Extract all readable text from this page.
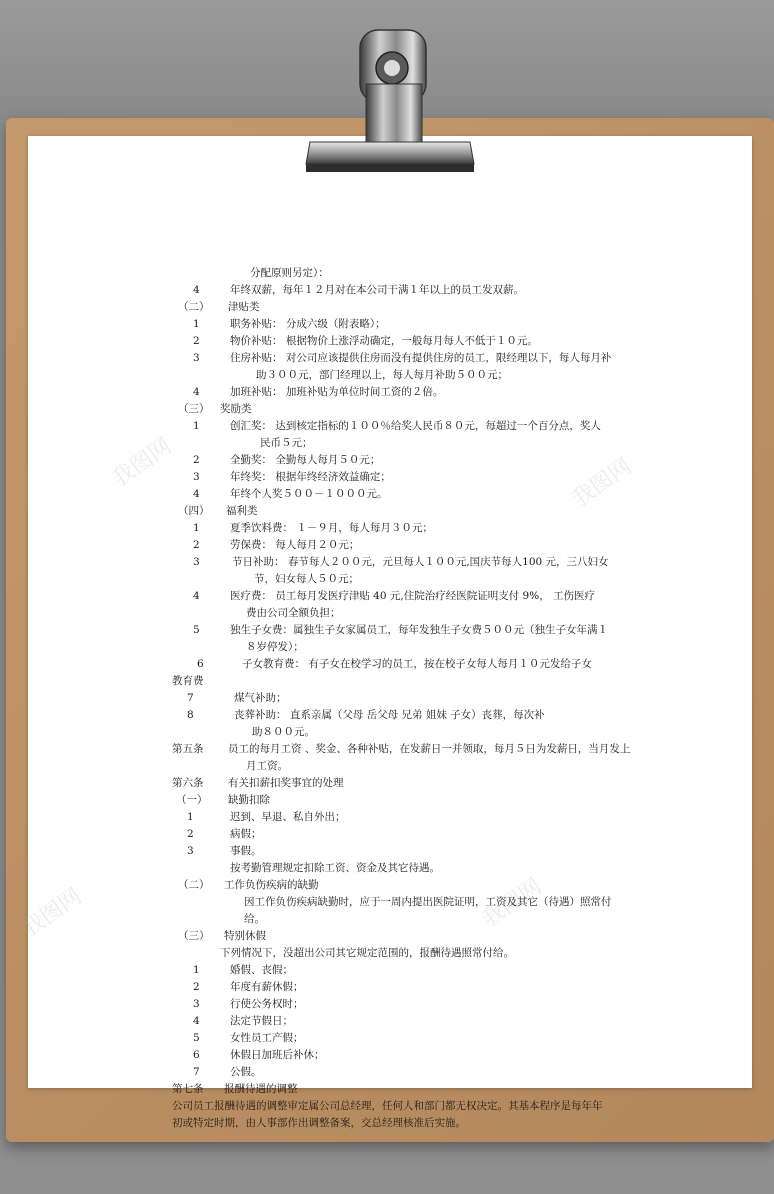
我图网	我图网
我图网	我图网
分配原则另定）：
4	年终双薪，每年１２月对在本公司干满１年以上的员工发双薪。
（二） 津贴类
1	职务补贴： 分成六级（附表略）；
2	物价补贴： 根据物价上涨浮动确定，一般每月每人不低于１０元。
3	住房补贴： 对公司应该提供住房而没有提供住房的员工，限经理以下，每人每月补
助３００元，部门经理以上，每人每月补助５００元；
4	加班补贴： 加班补贴为单位时间工资的２倍。
（三） 奖励类
1	创汇奖： 达到核定指标的１００％给奖人民币８０元，每超过一个百分点，奖人
民币５元；
2	全勤奖： 全勤每人每月５０元；
3	年终奖： 根据年终经济效益确定；
4	年终个人奖５００－１０００元。
（四） 福利类
1	夏季饮料费： １－９月，每人每月３０元；
2	劳保费： 每人每月２０元；
3	节日补助： 春节每人２００元，元旦每人１００元,国庆节每人100 元，三八妇女
节，妇女每人５０元；
4	医疗费： 员工每月发医疗津贴 40 元,住院治疗经医院证明支付 9%， 工伤医疗
费由公司全额负担；
5	独生子女费：属独生子女家属员工，每年发独生子女费５００元（独生子女年满１
８岁停发）；
6	子女教育费： 有子女在校学习的员工，按在校子女每人每月１０元发给子女
教育费
7	煤气补助；
8	丧葬补助： 直系亲属（父母 岳父母 兄弟 姐妹 子女）丧葬，每次补
助８００元。
第五条 员工的每月工资 、奖金、各种补贴，在发薪日一并领取，每月５日为发薪日，当月发上
月工资。
第六条 有关扣薪扣奖事宜的处理
（一） 缺勤扣除
1	迟到、早退、私自外出；
2	病假；
3	事假。
按考勤管理规定扣除工资、资金及其它待遇。
（二） 工作负伤疾病的缺勤
因工作负伤疾病缺勤时，应于一周内提出医院证明，工资及其它（待遇）照常付
给。
（三） 特别休假
下列情况下，没超出公司其它规定范围的，报酬待遇照常付给。
1	婚假、丧假；
2	年度有薪休假；
3	行使公务权时；
4	法定节假日；
5	女性员工产假；
6	休假日加班后补休；
7	公假。
第七条 报酬待遇的调整
公司员工报酬待遇的调整审定属公司总经理，任何人和部门都无权决定。其基本程序是每年年初或特定时期，由人事部作出调整备案，交总经理核准后实施。
